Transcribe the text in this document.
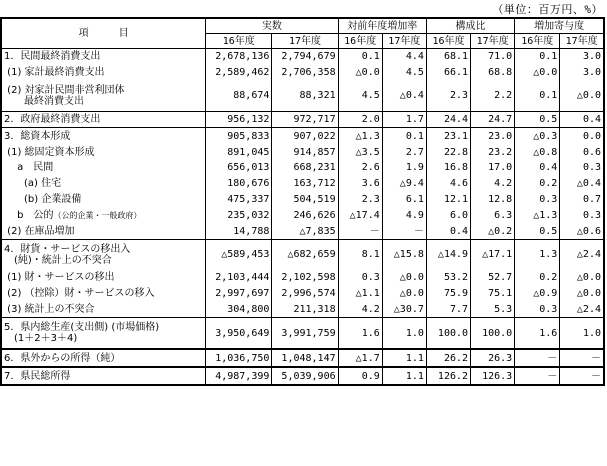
（単位：百万円、%）
項　　　目	実数		対前年度増加率		構成比		増加寄与度	
	16年度	17年度	16年度	17年度	16年度	17年度	16年度	17年度
1．民間最終消費支出	2,678,136	2,794,679	0.1	4.4	68.1	71.0	0.1	3.0
(1) 家計最終消費支出	2,589,462	2,706,358	△0.0	4.5	66.1	68.8	△0.0	3.0
(2) 対家計民間非営利団体
　　最終消費支出	88,674	88,321	4.5	△0.4	2.3	2.2	0.1	△0.0
2．政府最終消費支出	956,132	972,717	2.0	1.7	24.4	24.7	0.5	0.4
3．総資本形成	905,833	907,022	△1.3	0.1	23.1	23.0	△0.3	0.0
(1) 総固定資本形成	891,045	914,857	△3.5	2.7	22.8	23.2	△0.8	0.6
　 a　民間	656,013	668,231	2.6	1.9	16.8	17.0	0.4	0.3
　　(a) 住宅	180,676	163,712	3.6	△9.4	4.6	4.2	0.2	△0.4
　　(b) 企業設備	475,337	504,519	2.3	6.1	12.1	12.8	0.3	0.7
　 b　公的（公的企業・一般政府）	235,032	246,626	△17.4	4.9	6.0	6.3	△1.3	0.3
(2) 在庫品増加	14,788	△7,835	－	－	0.4	△0.2	0.5	△0.6
4．財貨・サービスの移出入
　(純)・統計上の不突合	△589,453	△682,659	8.1	△15.8	△14.9	△17.1	1.3	△2.4
(1) 財・サービスの移出	2,103,444	2,102,598	0.3	△0.0	53.2	52.7	0.2	△0.0
(2) （控除）財・サービスの移入	2,997,697	2,996,574	△1.1	△0.0	75.9	75.1	△0.9	△0.0
(3) 統計上の不突合	304,800	211,318	4.2	△30.7	7.7	5.3	0.3	△2.4
5．県内総生産(支出側) (市場価格)
　(1＋2＋3＋4)	3,950,649	3,991,759	1.6	1.0	100.0	100.0	1.6	1.0
6．県外からの所得（純）	1,036,750	1,048,147	△1.7	1.1	26.2	26.3	－	－
7．県民総所得	4,987,399	5,039,906	0.9	1.1	126.2	126.3	－	－
